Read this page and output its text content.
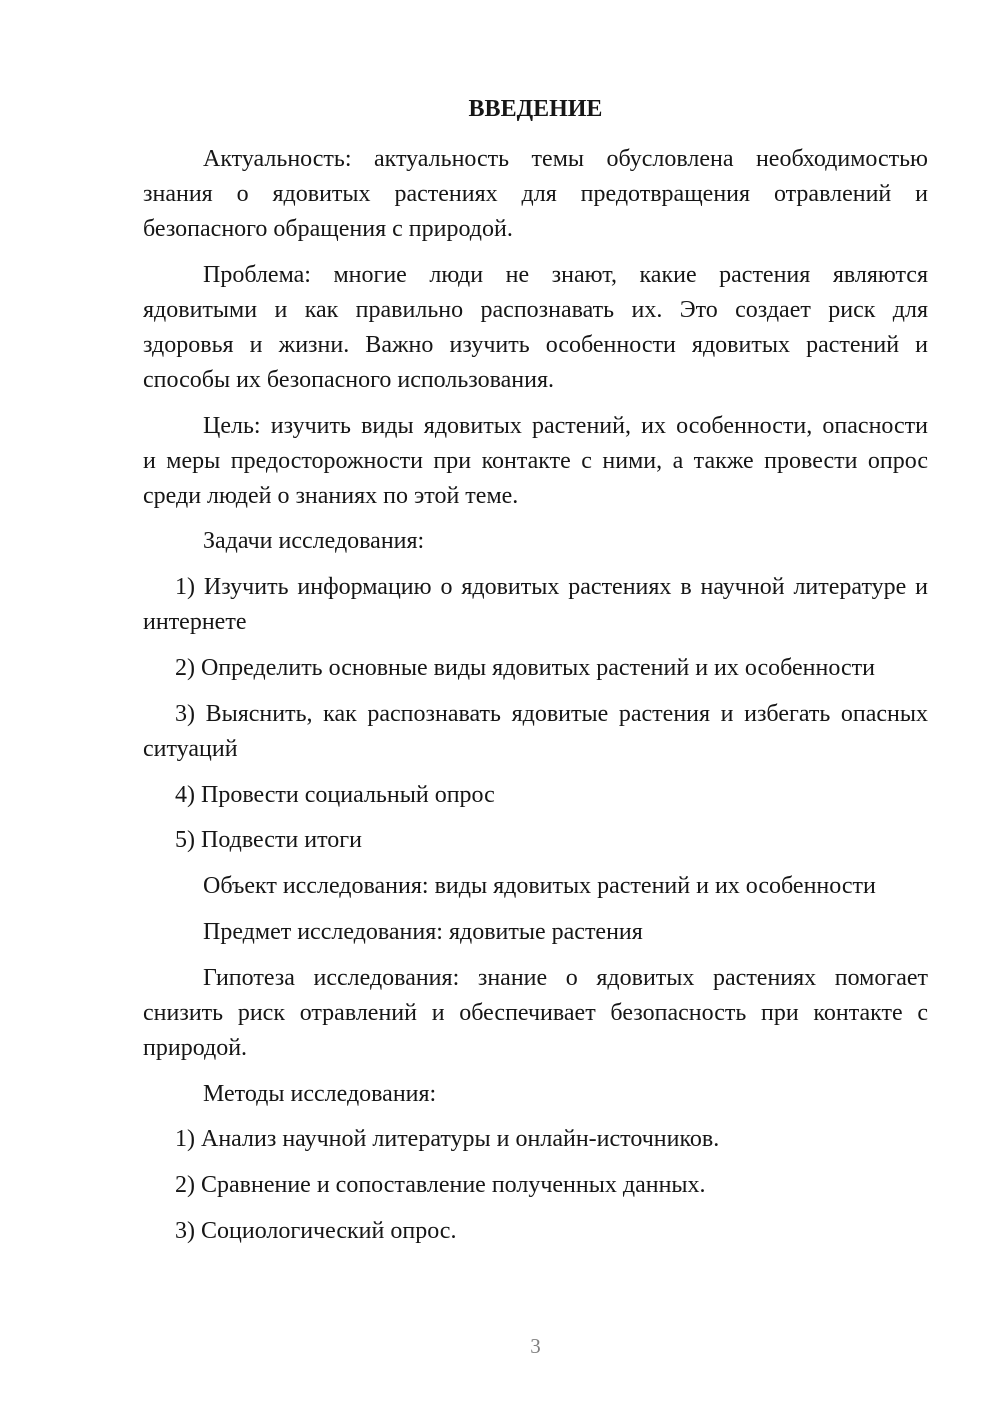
ВВЕДЕНИЕ
Актуальность: актуальность темы обусловлена необходимостью
знания о ядовитых растениях для предотвращения отравлений и
безопасного обращения с природой.
Проблема: многие люди не знают, какие растения являются
ядовитыми и как правильно распознавать их. Это создает риск для
здоровья и жизни. Важно изучить особенности ядовитых растений и
способы их безопасного использования.
Цель: изучить виды ядовитых растений, их особенности, опасности
и меры предосторожности при контакте с ними, а также провести опрос
среди людей о знаниях по этой теме.
Задачи исследования:
1) Изучить информацию о ядовитых растениях в научной литературе и
интернете
2) Определить основные виды ядовитых растений и их особенности
3) Выяснить, как распознавать ядовитые растения и избегать опасных
ситуаций
4) Провести социальный опрос
5) Подвести итоги
Объект исследования: виды ядовитых растений и их особенности
Предмет исследования: ядовитые растения
Гипотеза исследования: знание о ядовитых растениях помогает
снизить риск отравлений и обеспечивает безопасность при контакте с
природой.
Методы исследования:
1) Анализ научной литературы и онлайн-источников.
2) Сравнение и сопоставление полученных данных.
3) Социологический опрос.
3
